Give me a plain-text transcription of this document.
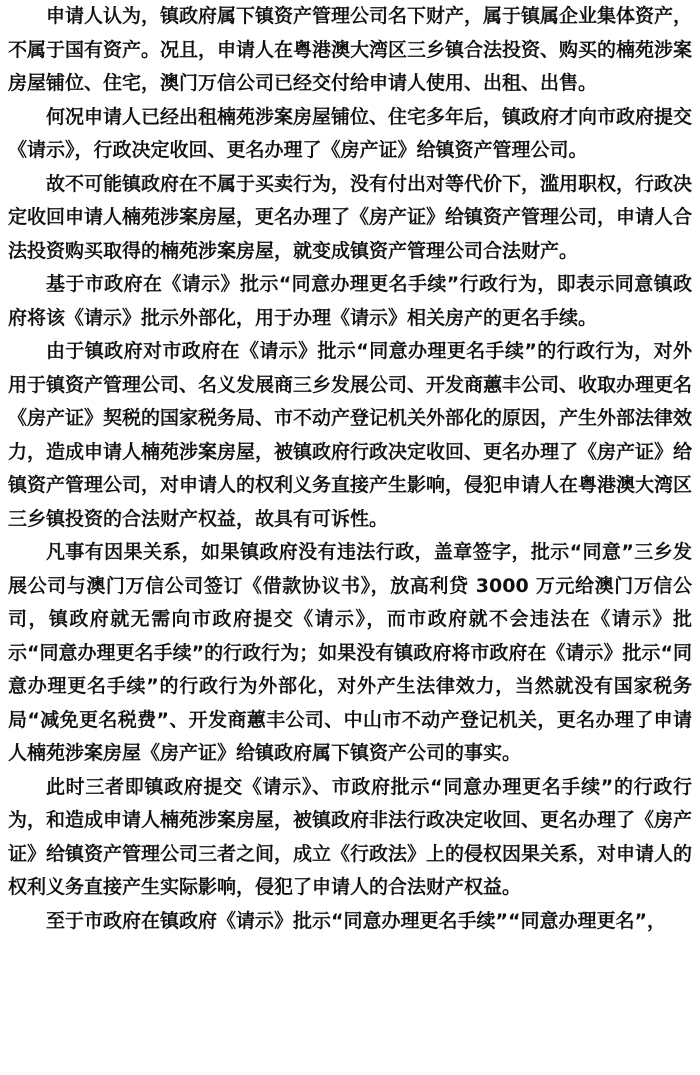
申请人认为，镇政府属下镇资产管理公司名下财产，属于镇属企业集体资产，不属于国有资产。况且，申请人在粤港澳大湾区三乡镇合法投资、购买的楠苑涉案房屋铺位、住宅，澳门万信公司已经交付给申请人使用、出租、出售。

何况申请人已经出租楠苑涉案房屋铺位、住宅多年后，镇政府才向市政府提交《请示》，行政决定收回、更名办理了《房产证》给镇资产管理公司。

故不可能镇政府在不属于买卖行为，没有付出对等代价下，滥用职权，行政决定收回申请人楠苑涉案房屋，更名办理了《房产证》给镇资产管理公司，申请人合法投资购买取得的楠苑涉案房屋，就变成镇资产管理公司合法财产。

基于市政府在《请示》批示“同意办理更名手续”行政行为，即表示同意镇政府将该《请示》批示外部化，用于办理《请示》相关房产的更名手续。

由于镇政府对市政府在《请示》批示“同意办理更名手续”的行政行为，对外用于镇资产管理公司、名义发展商三乡发展公司、开发商蕙丰公司、收取办理更名《房产证》契税的国家税务局、市不动产登记机关外部化的原因，产生外部法律效力，造成申请人楠苑涉案房屋，被镇政府行政决定收回、更名办理了《房产证》给镇资产管理公司，对申请人的权利义务直接产生影响，侵犯申请人在粤港澳大湾区三乡镇投资的合法财产权益，故具有可诉性。

凡事有因果关系，如果镇政府没有违法行政，盖章签字，批示“同意”三乡发展公司与澳门万信公司签订《借款协议书》，放高利贷 3000 万元给澳门万信公司，镇政府就无需向市政府提交《请示》，而市政府就不会违法在《请示》批示“同意办理更名手续”的行政行为；如果没有镇政府将市政府在《请示》批示“同意办理更名手续”的行政行为外部化，对外产生法律效力，当然就没有国家税务局“减免更名税费”、开发商蕙丰公司、中山市不动产登记机关，更名办理了申请人楠苑涉案房屋《房产证》给镇政府属下镇资产公司的事实。

此时三者即镇政府提交《请示》、市政府批示“同意办理更名手续”的行政行为，和造成申请人楠苑涉案房屋，被镇政府非法行政决定收回、更名办理了《房产证》给镇资产管理公司三者之间，成立《行政法》上的侵权因果关系，对申请人的权利义务直接产生实际影响，侵犯了申请人的合法财产权益。

至于市政府在镇政府《请示》批示“同意办理更名手续”“同意办理更名”，
